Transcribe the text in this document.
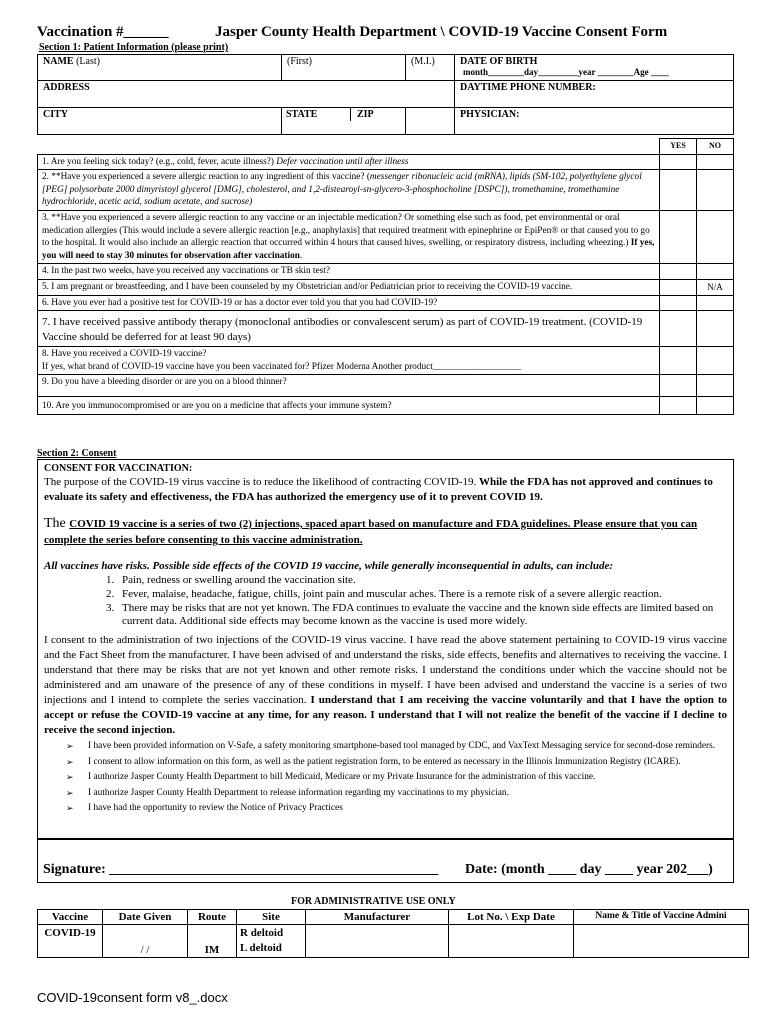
Vaccination #______	Jasper County Health Department \ COVID-19 Vaccine Consent Form
Section 1: Patient Information (please print)
NAME (Last)	(First)	(M.I.)	DATE OF BIRTH
month________day_________year ________Age ____

ADDRESS			DAYTIME PHONE NUMBER:
CITY	STATE ZIP		PHYSICIAN:
	YES	NO
1. Are you feeling sick today? (e.g., cold, fever, acute illness?) Defer vaccination until after illness		
2. **Have you experienced a severe allergic reaction to any ingredient of this vaccine? (messenger ribonucleic acid (mRNA), lipids (SM-102, polyethylene glycol [PEG] polysorbate 2000 dimyristoyl glycerol [DMG], cholesterol, and 1,2-distearoyl-sn-glycero-3-phosphocholine [DSPC]), tromethamine, tromethamine hydrochloride, acetic acid, sodium acetate, and sucrose)		
3. **Have you experienced a severe allergic reaction to any vaccine or an injectable medication? Or something else such as food, pet environmental or oral medication allergies (This would include a severe allergic reaction [e.g., anaphylaxis] that required treatment with epinephrine or EpiPen® or that caused you to go to the hospital. It would also include an allergic reaction that occurred within 4 hours that caused hives, swelling, or respiratory distress, including wheezing.) If yes, you will need to stay 30 minutes for observation after vaccination.		
4. In the past two weeks, have you received any vaccinations or TB skin test?		

5. I am pregnant or breastfeeding, and I have been counseled by my Obstetrician and/or Pediatrician prior to receiving the COVID-19 vaccine.		N/A
6. Have you ever had a positive test for COVID-19 or has a doctor ever told you that you had COVID-19?		
7. I have received passive antibody therapy (monoclonal antibodies or convalescent serum) as part of COVID-19 treatment. (COVID-19 Vaccine should be deferred for at least 90 days)		

8. Have you received a COVID-19 vaccine?
If yes, what brand of COVID-19 vaccine have you been vaccinated for? Pfizer Moderna Another product___________________		

9. Do you have a bleeding disorder or are you on a blood thinner?		
10. Are you immunocompromised or are you on a medicine that affects your immune system?		
Section 2: Consent
CONSENT FOR VACCINATION:
The purpose of the COVID-19 virus vaccine is to reduce the likelihood of contracting COVID-19. While the FDA has not approved and continues to evaluate its safety and effectiveness, the FDA has authorized the emergency use of it to prevent COVID 19.
The COVID 19 vaccine is a series of two (2) injections, spaced apart based on manufacture and FDA guidelines. Please ensure that you can complete the series before consenting to this vaccine administration.
All vaccines have risks. Possible side effects of the COVID 19 vaccine, while generally inconsequential in adults, can include:
1. Pain, redness or swelling around the vaccination site.
2. Fever, malaise, headache, fatigue, chills, joint pain and muscular aches. There is a remote risk of a severe allergic reaction.
3. There may be risks that are not yet known. The FDA continues to evaluate the vaccine and the known side effects are limited based on current data. Additional side effects may become known as the vaccine is used more widely.
I consent to the administration of two injections of the COVID-19 virus vaccine. I have read the above statement pertaining to COVID-19 virus vaccine and the Fact Sheet from the manufacturer. I have been advised of and understand the risks, side effects, benefits and alternatives to receiving the vaccine. I understand that there may be risks that are not yet known and other remote risks. I understand the conditions under which the vaccine should not be administered and am unaware of the presence of any of these conditions in myself. I have been advised and understand the vaccine is a series of two injections and I intend to complete the series vaccination. I understand that I am receiving the vaccine voluntarily and that I have the option to accept or refuse the COVID-19 vaccine at any time, for any reason. I understand that I will not realize the benefit of the vaccine if I decline to receive the second injection.
➢ I have been provided information on V-Safe, a safety monitoring smartphone-based tool managed by CDC, and VaxText Messaging service for second-dose reminders.
➢ I consent to allow information on this form, as well as the patient registration form, to be entered as necessary in the Illinois Immunization Registry (ICARE).
➢ I authorize Jasper County Health Department to bill Medicaid, Medicare or my Private Insurance for the administration of this vaccine.
➢ I authorize Jasper County Health Department to release information regarding my vaccinations to my physician.
➢ I have had the opportunity to review the Notice of Privacy Practices
Signature: _______________________________________________ Date: (month ____ day ____ year 202___)
FOR ADMINISTRATIVE USE ONLY
Vaccine	Date Given	Route	Site	Manufacturer	Lot No. \ Exp Date	Name & Title of Vaccine Admini
COVID-19	/ /	IM	R deltoid
L deltoid			

COVID-19consent form v8_.docx
